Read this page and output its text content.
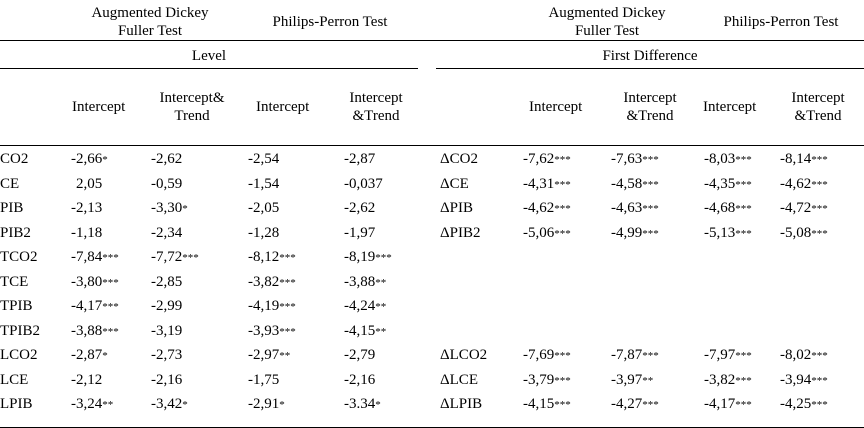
Augmented Dickey
Fuller Test
Philips-Perron Test
Augmented Dickey
Fuller Test
Philips-Perron Test
Level	First Difference
Intercept
Intercept&
Trend
Intercept
Intercept
&Trend
Intercept
Intercept
&Trend
Intercept
Intercept
&Trend
CO2	-2,66*	-2,62	-2,54	-2,87	ΔCO2	-7,62***	-7,63***	-8,03*** -8,14***
CE	2,05	-0,59	-1,54	-0,037	ΔCE	-4,31***	-4,58***	-4,35*** -4,62***
PIB	-2,13	-3,30*	-2,05	-2,62	ΔPIB	-4,62***	-4,63***	-4,68*** -4,72***
PIB2	-1,18	-2,34	-1,28	-1,97	ΔPIB2	-5,06***	-4,99***	-5,13*** -5,08***
TCO2 -7,84*** -7,72***	-8,12***	-8,19***
TCE	-3,80*** -2,85	-3,82***	-3,88**
TPIB	-4,17*** -2,99	-4,19***	-4,24**
TPIB2 -3,88*** -3,19	-3,93***	-4,15**
LCO2 -2,87*	-2,73	-2,97**	-2,79	ΔLCO2 -7,69***	-7,87***	-7,97*** -8,02***
LCE	-2,12	-2,16	-1,75	-2,16	ΔLCE	-3,79***	-3,97**	-3,82*** -3,94***
LPIB	-3,24**	-3,42*	-2,91*	-3.34*	ΔLPIB	-4,15***	-4,27***	-4,17*** -4,25***
